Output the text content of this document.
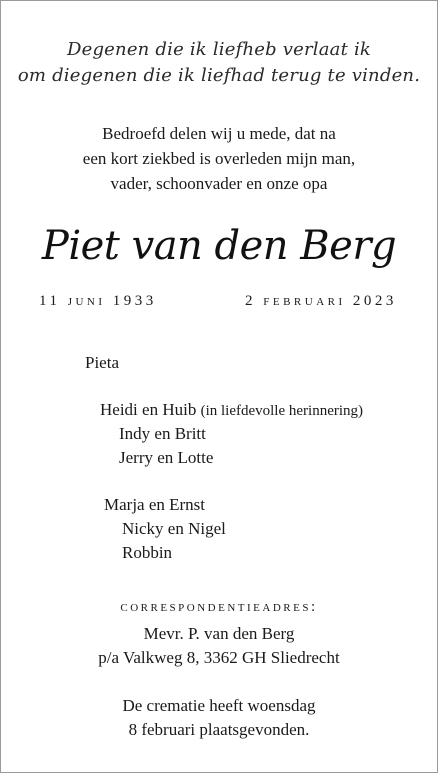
Degenen die ik liefheb verlaat ik
om diegenen die ik liefhad terug te vinden.
Bedroefd delen wij u mede, dat na
een kort ziekbed is overleden mijn man,
vader, schoonvader en onze opa
Piet van den Berg
11 juni 1933	2 februari 2023
Pieta
Heidi en Huib (in liefdevolle herinnering)
Indy en Britt
Jerry en Lotte
Marja en Ernst
Nicky en Nigel
Robbin
correspondentieadres:
Mevr. P. van den Berg
p/a Valkweg 8, 3362 GH Sliedrecht
De crematie heeft woensdag
8 februari plaatsgevonden.
